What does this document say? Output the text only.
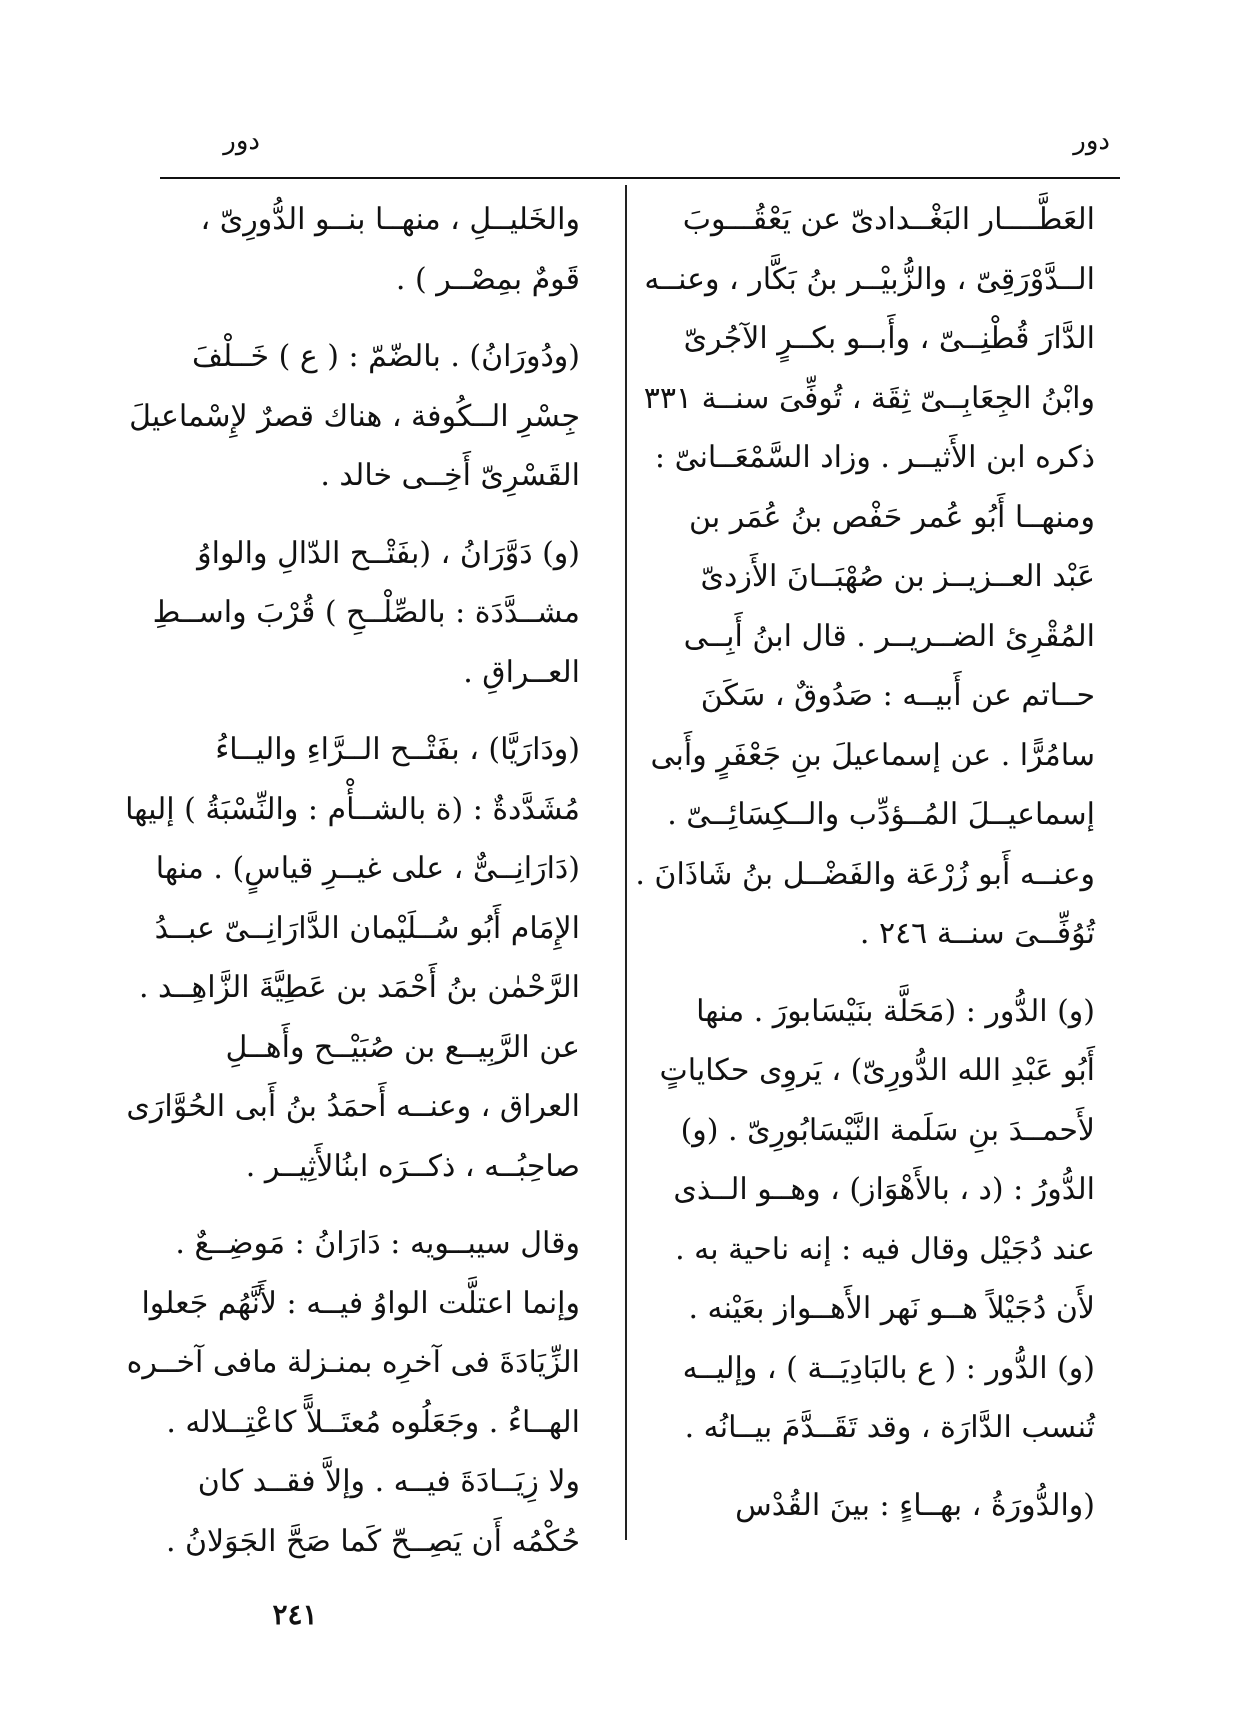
دور
دور
العَطَّــــار البَغْــدادىّ عن يَعْقُـــوبَ
الــدَّوْرَقِىّ ، والزُّبيْــر بنُ بَكَّار ، وعنــه
الدَّارَ قُطْنِــىّ ، وأَبــو بكــرٍ الآجُرىّ
وابْنُ الجِعَابِــىّ ثِقَة ، تُوفِّىَ سنــة ٣٣١
ذكره ابن الأَثيــر . وزاد السَّمْعَــانىّ :
ومنهــا أَبُو عُمر حَفْص بنُ عُمَر بن
عَبْد العــزيــز بن صُهْبَــانَ الأَزدىّ
المُقْرِئ الضــريــر . قال ابنُ أَبِــى
حــاتم عن أَبيــه : صَدُوقٌ ، سَكَنَ
سامُرًّا . عن إسماعيلَ بنِ جَعْفَرٍ وأَبى
إسماعيــلَ المُــؤدِّب والــكِسَائِــىّ .
وعنــه أَبو زُرْعَة والفَضْــل بنُ شَاذَانَ .
تُوُفِّــىَ سنــة ٢٤٦ .
(و) الدُّور : (مَحَلَّة بنَيْسَابورَ . منها
أَبُو عَبْدِ الله الدُّورِىّ) ، يَروِى حكاياتٍ
لأَحمــدَ بنِ سَلَمة النَّيْسَابُورِىّ . (و)
الدُّورُ : (د ، بالأَهْوَاز) ، وهــو الــذى
عند دُجَيْل وقال فيه : إنه ناحية به .
لأَن دُجَيْلاً هــو نَهر الأَهــواز بعَيْنه .
(و) الدُّور : ( ع بالبَادِيَــة ) ، وإليــه
تُنسب الدَّارَة ، وقد تَقَــدَّمَ بيــانُه .
(والدُّورَةُ ، بهــاءٍ : بينَ القُدْس
والخَليــلِ ، منهــا بنــو الدُّورِىّ ،
قَومٌ بمِصْــر ) .
(ودُورَانُ) . بالضّمّ : ( ع ) خَــلْفَ
جِسْرِ الــكُوفة ، هناك قصرٌ لإِسْماعيلَ
القَسْرِىّ أَخِــى خالد .
(و) دَوَّرَانُ ، (بفَتْــح الدّالِ والواوُ
مشــدَّدَة : بالصِّلْــحِ ) قُرْبَ واســطِ
العــراقِ .
(ودَارَيَّا) ، بفَتْــح الــرَّاءِ واليــاءُ
مُشَدَّدةٌ : (ة بالشــأْم : والنِّسْبَةُ ) إليها
(دَارَانِــىٌّ ، على غيــرِ قياسٍ) . منها
الإِمَام أَبُو سُــلَيْمان الدَّارَانِــىّ عبــدُ
الرَّحْمٰن بنُ أَحْمَد بن عَطِيَّةَ الزَّاهِــد .
عن الرَّبِيــع بن صُبَيْــح وأَهــلِ
العراق ، وعنــه أَحمَدُ بنُ أَبى الحُوَّارَى
صاحِبُــه ، ذكــرَه ابنُالأَثِيــر .
وقال سيبــويه : دَارَانُ : مَوضِــعٌ .
وإنما اعتلَّت الواوُ فيــه : لأَنَّهُم جَعلوا
الزِّيَادَةَ فى آخرِه بمنـزلة مافى آخــره
الهــاءُ . وجَعَلُوه مُعتَــلاًّ كاعْتِــلاله .
ولا زِيَــادَةَ فيــه . وإلاَّ فقــد كان
حُكْمُه أَن يَصِــحّ كَما صَحَّ الجَوَلانُ .
٢٤١
